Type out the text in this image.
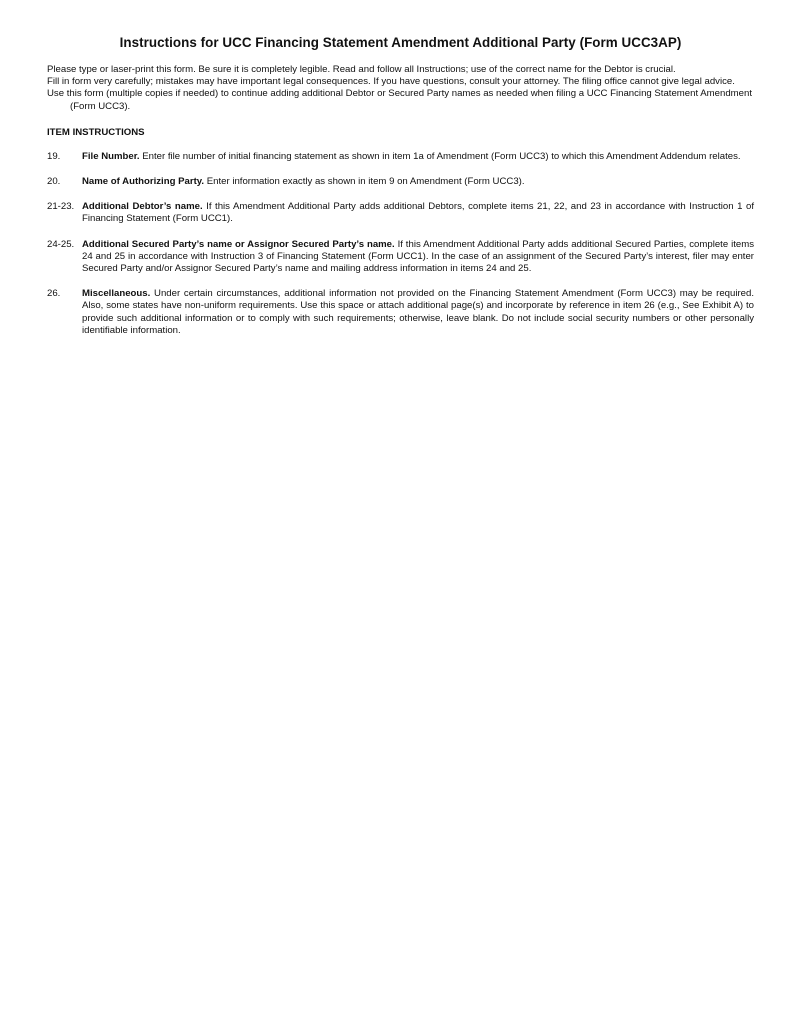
Instructions for UCC Financing Statement Amendment Additional Party (Form UCC3AP)

Please type or laser-print this form. Be sure it is completely legible. Read and follow all Instructions; use of the correct name for the Debtor is crucial.

Fill in form very carefully; mistakes may have important legal consequences. If you have questions, consult your attorney. The filing office cannot give legal advice.

Use this form (multiple copies if needed) to continue adding additional Debtor or Secured Party names as needed when filing a UCC Financing Statement Amendment (Form UCC3).

ITEM INSTRUCTIONS
19.	File Number. Enter file number of initial financing statement as shown in item 1a of Amendment (Form UCC3) to which this Amendment Addendum relates.
20.	Name of Authorizing Party. Enter information exactly as shown in item 9 on Amendment (Form UCC3).
21-23. Additional Debtor’s name. If this Amendment Additional Party adds additional Debtors, complete items 21, 22, and 23 in accordance with Instruction 1 of Financing Statement (Form UCC1).
24-25. Additional Secured Party’s name or Assignor Secured Party’s name. If this Amendment Additional Party adds additional Secured Parties, complete items 24 and 25 in accordance with Instruction 3 of Financing Statement (Form UCC1). In the case of an assignment of the Secured Party’s interest, filer may enter Secured Party and/or Assignor Secured Party’s name and mailing address information in items 24 and 25.
26.	Miscellaneous. Under certain circumstances, additional information not provided on the Financing Statement Amendment (Form UCC3) may be required. Also, some states have non-uniform requirements. Use this space or attach additional page(s) and incorporate by reference in item 26 (e.g., See Exhibit A) to provide such additional information or to comply with such requirements; otherwise, leave blank. Do not include social security numbers or other personally identifiable information.
